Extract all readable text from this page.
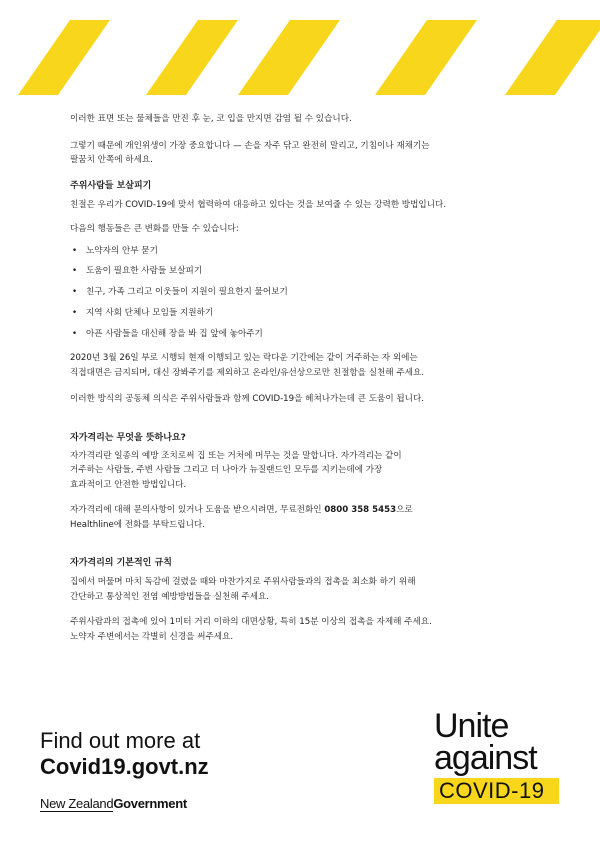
이러한 표면 또는 물체들을 만진 후 눈, 코 입을 만지면 감염 될 수 있습니다.

그렇기 때문에 개인위생이 가장 중요합니다 — 손을 자주 닦고 완전히 말리고, 기침이나 재채기는

팔꿈치 안쪽에 하세요.

주위사람들 보살피기

친절은 우리가 COVID-19에 맞서 협력하여 대응하고 있다는 것을 보여줄 수 있는 강력한 방법입니다.

다음의 행동들은 큰 변화를 만들 수 있습니다:

• 노약자의 안부 묻기
• 도움이 필요한 사람들 보살피기
• 친구, 가족 그리고 이웃들이 지원이 필요한지 물어보기
• 지역 사회 단체나 모임들 지원하기
• 아픈 사람들을 대신해 장을 봐 집 앞에 놓아주기

2020년 3월 26일 부로 시행되 현재 이행되고 있는 락다운 기간에는 같이 거주하는 자 외에는

직접대면은 금지되며, 대신 장봐주기를 제외하고 온라인/유선상으로만 친절함을 실천해 주세요.

이러한 방식의 공동체 의식은 주위사람들과 함께 COVID-19을 헤쳐나가는데 큰 도움이 됩니다.

자가격리는 무엇을 뜻하나요?

자가격리란 일종의 예방 조치로써 집 또는 거처에 머무는 것을 말합니다. 자가격리는 같이

거주하는 사람들, 주변 사람들 그리고 더 나아가 뉴질랜드인 모두를 지키는데에 가장

효과적이고 안전한 방법입니다.

자가격리에 대해 문의사항이 있거나 도움을 받으시려면, 무료전화인 0800 358 5453으로

Healthline에 전화를 부탁드립니다.

자가격리의 기본적인 규칙

집에서 머물며 마치 독감에 걸렸을 때와 마찬가지로 주위사람들과의 접촉을 최소화 하기 위해

간단하고 통상적인 전염 예방방법들을 실천해 주세요.

주위사람과의 접촉에 있어 1미터 거리 이하의 대면상황, 특히 15분 이상의 접촉을 자제해 주세요.

노약자 주변에서는 각별히 신경을 써주세요.

Find out more at
Covid19.govt.nz
New ZealandGovernment
Unite
against
COVID-19
